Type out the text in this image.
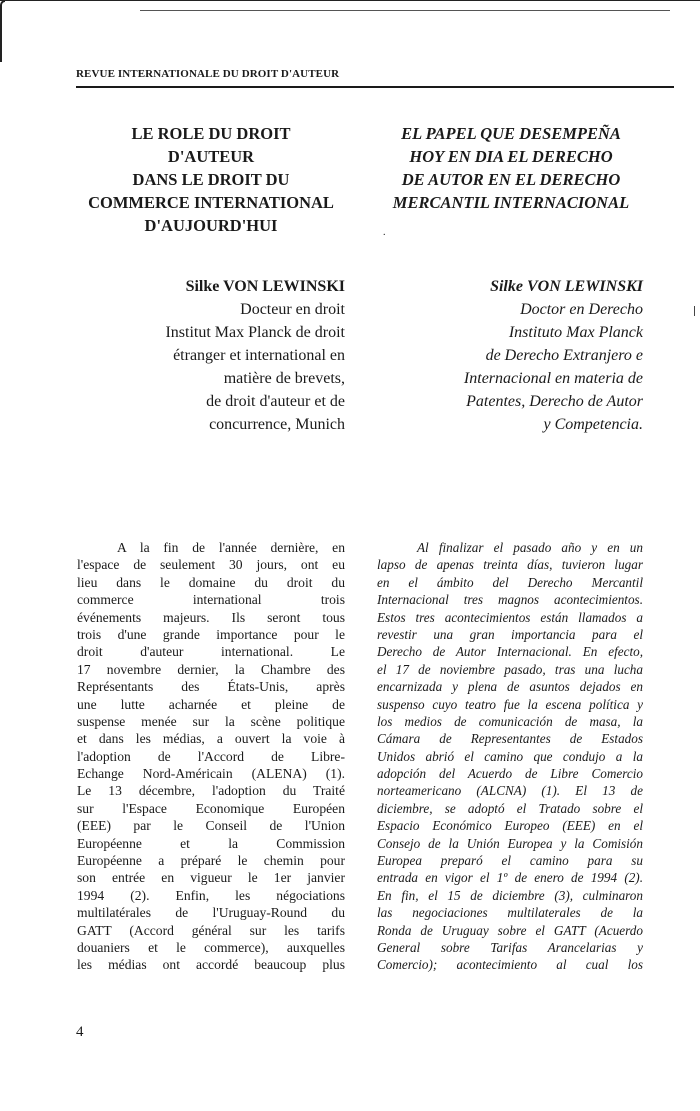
REVUE INTERNATIONALE DU DROIT D'AUTEUR
LE ROLE DU DROIT
D'AUTEUR
DANS LE DROIT DU
COMMERCE INTERNATIONAL
D'AUJOURD'HUI
EL PAPEL QUE DESEMPEÑA
HOY EN DIA EL DERECHO
DE AUTOR EN EL DERECHO
MERCANTIL INTERNACIONAL
.
Silke VON LEWINSKI
Docteur en droit
Institut Max Planck de droit
étranger et international en
matière de brevets,
de droit d'auteur et de
concurrence, Munich
Silke VON LEWINSKI
Doctor en Derecho
Instituto Max Planck
de Derecho Extranjero e
Internacional en materia de
Patentes, Derecho de Autor
y Competencia.
A la fin de l'année dernière, en
l'espace de seulement 30 jours, ont eu
lieu dans le domaine du droit du
commerce international trois
événements majeurs. Ils seront tous
trois d'une grande importance pour le
droit d'auteur international. Le
17 novembre dernier, la Chambre des
Représentants des États-Unis, après
une lutte acharnée et pleine de
suspense menée sur la scène politique
et dans les médias, a ouvert la voie à
l'adoption de l'Accord de Libre-
Echange Nord-Américain (ALENA) (1).
Le 13 décembre, l'adoption du Traité
sur l'Espace Economique Européen
(EEE) par le Conseil de l'Union
Européenne et la Commission
Européenne a préparé le chemin pour
son entrée en vigueur le 1er janvier
1994 (2). Enfin, les négociations
multilatérales de l'Uruguay-Round du
GATT (Accord général sur les tarifs
douaniers et le commerce), auxquelles
les médias ont accordé beaucoup plus
Al finalizar el pasado año y en un
lapso de apenas treinta días, tuvieron lugar
en el ámbito del Derecho Mercantil
Internacional tres magnos acontecimientos.
Estos tres acontecimientos están llamados a
revestir una gran importancia para el
Derecho de Autor Internacional. En efecto,
el 17 de noviembre pasado, tras una lucha
encarnizada y plena de asuntos dejados en
suspenso cuyo teatro fue la escena política y
los medios de comunicación de masa, la
Cámara de Representantes de Estados
Unidos abrió el camino que condujo a la
adopción del Acuerdo de Libre Comercio
norteamericano (ALCNA) (1). El 13 de
diciembre, se adoptó el Tratado sobre el
Espacio Económico Europeo (EEE) en el
Consejo de la Unión Europea y la Comisión
Europea preparó el camino para su
entrada en vigor el 1º de enero de 1994 (2).
En fin, el 15 de diciembre (3), culminaron
las negociaciones multilaterales de la
Ronda de Uruguay sobre el GATT (Acuerdo
General sobre Tarifas Arancelarias y
Comercio); acontecimiento al cual los
4
